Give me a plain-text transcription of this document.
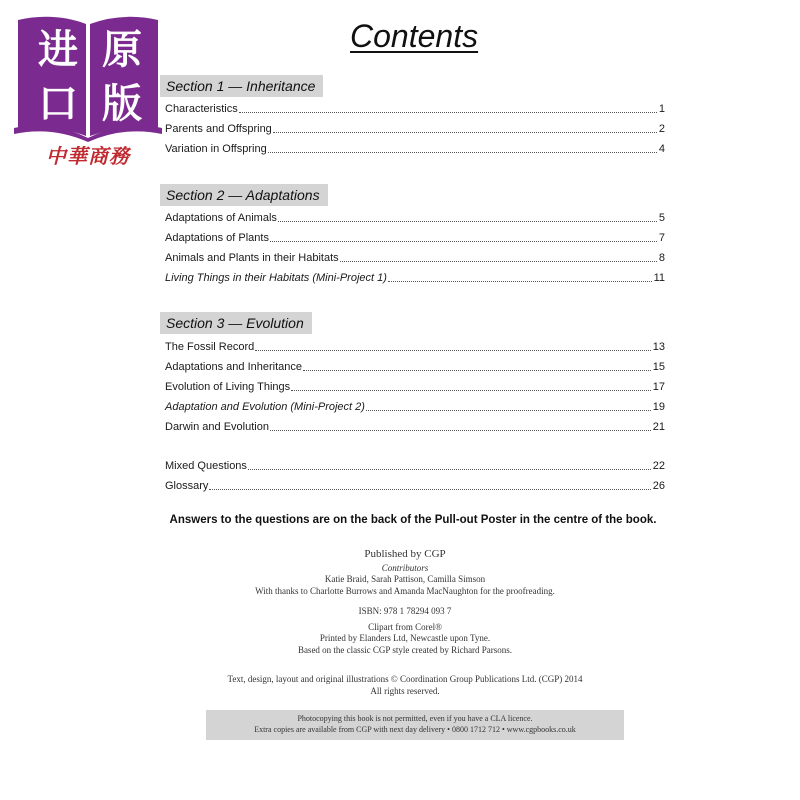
进 原
口 版
中華商務
Contents
Section 1 — Inheritance
Characteristics	1
Parents and Offspring	2
Variation in Offspring	4
Section 2 — Adaptations
Adaptations of Animals	5
Adaptations of Plants	7
Animals and Plants in their Habitats	8
Living Things in their Habitats (Mini-Project 1)	11
Section 3 — Evolution
The Fossil Record	13
Adaptations and Inheritance	15
Evolution of Living Things	17
Adaptation and Evolution (Mini-Project 2)	19
Darwin and Evolution	21
Mixed Questions	22
Glossary	26
Answers to the questions are on the back of the Pull-out Poster in the centre of the book.
Published by CGP
Contributors
Katie Braid, Sarah Pattison, Camilla Simson
With thanks to Charlotte Burrows and Amanda MacNaughton for the proofreading.
ISBN: 978 1 78294 093 7
Clipart from Corel®
Printed by Elanders Ltd, Newcastle upon Tyne.
Based on the classic CGP style created by Richard Parsons.
Text, design, layout and original illustrations © Coordination Group Publications Ltd. (CGP) 2014
All rights reserved.
Photocopying this book is not permitted, even if you have a CLA licence.
Extra copies are available from CGP with next day delivery • 0800 1712 712 • www.cgpbooks.co.uk
